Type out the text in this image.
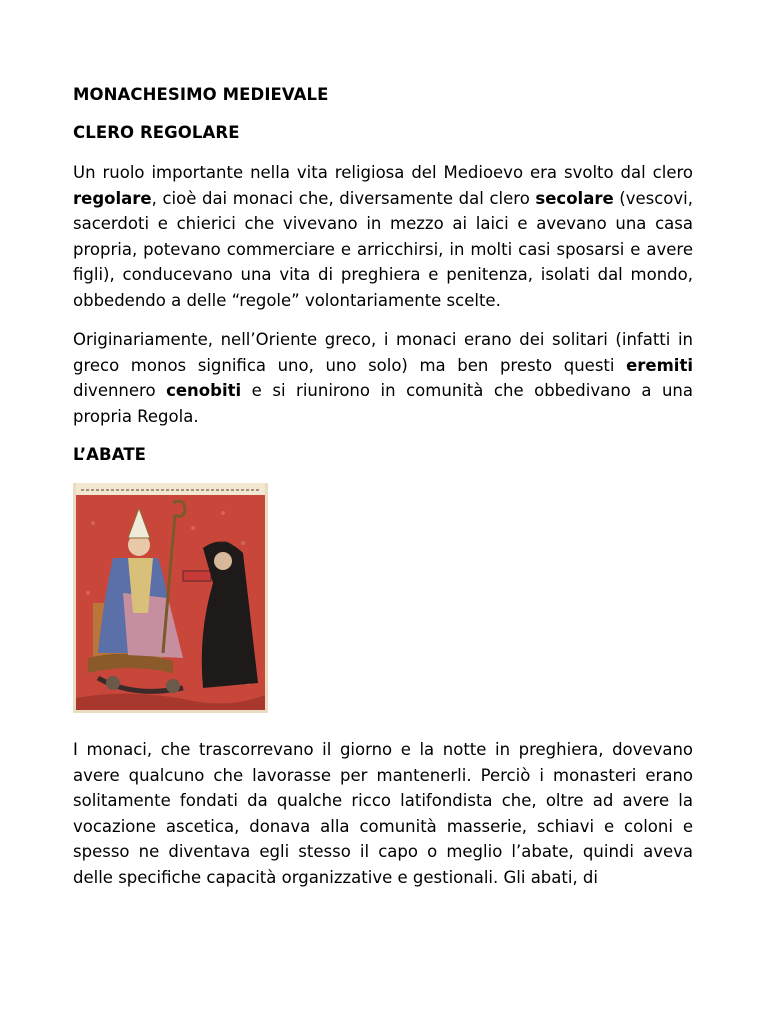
MONACHESIMO MEDIEVALE
CLERO REGOLARE

Un ruolo importante nella vita religiosa del Medioevo era svolto dal clero regolare, cioè dai monaci che, diversamente dal clero secolare (vescovi, sacerdoti e chierici che vivevano in mezzo ai laici e avevano una casa propria, potevano commerciare e arricchirsi, in molti casi sposarsi e avere figli), conducevano una vita di preghiera e penitenza, isolati dal mondo, obbedendo a delle “regole” volontariamente scelte.

Originariamente, nell’Oriente greco, i monaci erano dei solitari (infatti in greco monos significa uno, uno solo) ma ben presto questi eremiti divennero cenobiti e si riunirono in comunità che obbedivano a una propria Regola.

L’ABATE

I monaci, che trascorrevano il giorno e la notte in preghiera, dovevano avere qualcuno che lavorasse per mantenerli. Perciò i monasteri erano solitamente fondati da qualche ricco latifondista che, oltre ad avere la vocazione ascetica, donava alla comunità masserie, schiavi e coloni e spesso ne diventava egli stesso il capo o meglio l’abate, quindi aveva delle specifiche capacità organizzative e gestionali. Gli abati, di
